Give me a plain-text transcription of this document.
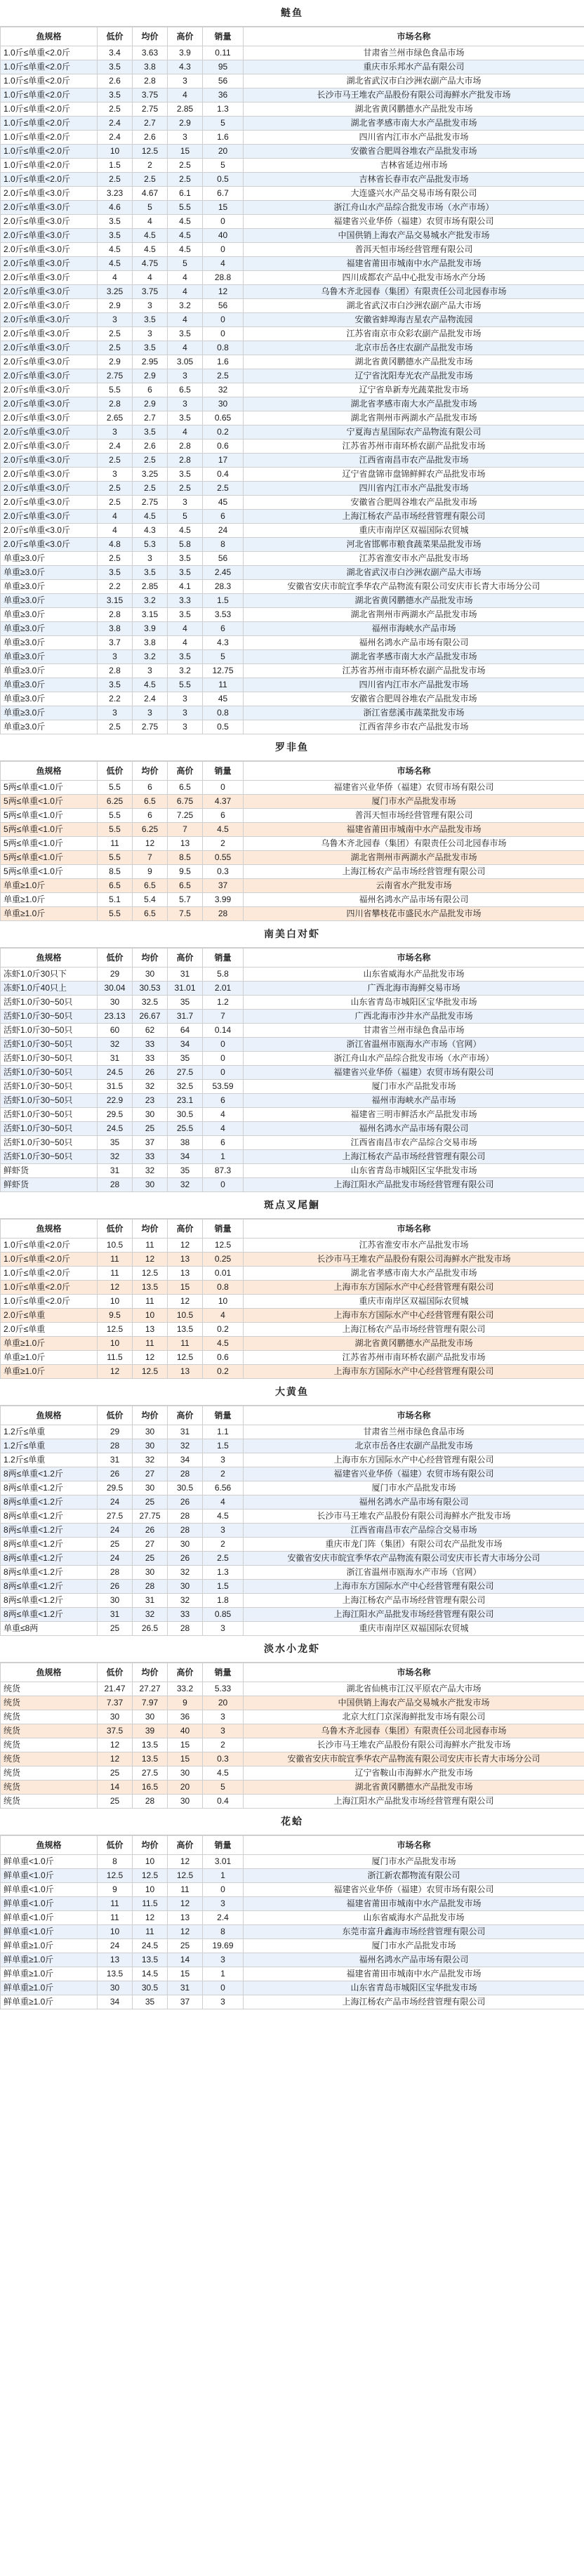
鲢鱼
鱼规格	低价	均价	高价	销量	市场名称
1.0斤≤单重<2.0斤	3.4	3.63	3.9	0.11	甘肃省兰州市绿色食品市场
1.0斤≤单重<2.0斤	3.5	3.8	4.3	95	重庆市乐邦水产品有限公司
1.0斤≤单重<2.0斤	2.6	2.8	3	56	湖北省武汉市白沙洲农副产品大市场
1.0斤≤单重<2.0斤	3.5	3.75	4	36	长沙市马王堆农产品股份有限公司海鲜水产批发市场
1.0斤≤单重<2.0斤	2.5	2.75	2.85	1.3	湖北省黄冈鹏德水产品批发市场
1.0斤≤单重<2.0斤	2.4	2.7	2.9	5	湖北省孝感市南大水产品批发市场
1.0斤≤单重<2.0斤	2.4	2.6	3	1.6	四川省内江市水产品批发市场
1.0斤≤单重<2.0斤	10	12.5	15	20	安徽省合肥周谷堆农产品批发市场
1.0斤≤单重<2.0斤	1.5	2	2.5	5	吉林省延边州市场
1.0斤≤单重<2.0斤	2.5	2.5	2.5	0.5	吉林省长春市农产品批发市场
2.0斤≤单重<3.0斤	3.23	4.67	6.1	6.7	大连盛兴水产品交易市场有限公司
2.0斤≤单重<3.0斤	4.6	5	5.5	15	浙江舟山水产品综合批发市场（水产市场）
2.0斤≤单重<3.0斤	3.5	4	4.5	0	福建省兴业华侨（福建）农贸市场有限公司
2.0斤≤单重<3.0斤	3.5	4.5	4.5	40	中国供销上海农产品交易城水产批发市场
2.0斤≤单重<3.0斤	4.5	4.5	4.5	0	普洱天恒市场经营管理有限公司
2.0斤≤单重<3.0斤	4.5	4.75	5	4	福建省莆田市城南中水产品批发市场
2.0斤≤单重<3.0斤	4	4	4	28.8	四川成都农产品中心批发市场水产分场
2.0斤≤单重<3.0斤	3.25	3.75	4	12	乌鲁木齐北园春（集团）有限责任公司北园春市场
2.0斤≤单重<3.0斤	2.9	3	3.2	56	湖北省武汉市白沙洲农副产品大市场
2.0斤≤单重<3.0斤	3	3.5	4	0	安徽省蚌埠海吉星农产品物流园
2.0斤≤单重<3.0斤	2.5	3	3.5	0	江苏省南京市众彩农副产品批发市场
2.0斤≤单重<3.0斤	2.5	3.5	4	0.8	北京市岳各庄农副产品批发市场
2.0斤≤单重<3.0斤	2.9	2.95	3.05	1.6	湖北省黄冈鹏德水产品批发市场
2.0斤≤单重<3.0斤	2.75	2.9	3	2.5	辽宁省沈阳寿光农产品批发市场
2.0斤≤单重<3.0斤	5.5	6	6.5	32	辽宁省阜新寿光蔬菜批发市场
2.0斤≤单重<3.0斤	2.8	2.9	3	30	湖北省孝感市南大水产品批发市场
2.0斤≤单重<3.0斤	2.65	2.7	3.5	0.65	湖北省荆州市两湖水产品批发市场
2.0斤≤单重<3.0斤	3	3.5	4	0.2	宁夏海吉星国际农产品物流有限公司
2.0斤≤单重<3.0斤	2.4	2.6	2.8	0.6	江苏省苏州市南环桥农副产品批发市场
2.0斤≤单重<3.0斤	2.5	2.5	2.8	17	江西省南昌市农产品批发市场
2.0斤≤单重<3.0斤	3	3.25	3.5	0.4	辽宁省盘锦市盘锦鲜鲜农产品批发市场
2.0斤≤单重<3.0斤	2.5	2.5	2.5	2.5	四川省内江市水产品批发市场
2.0斤≤单重<3.0斤	2.5	2.75	3	45	安徽省合肥周谷堆农产品批发市场
2.0斤≤单重<3.0斤	4	4.5	5	6	上海江杨农产品市场经营管理有限公司
2.0斤≤单重<3.0斤	4	4.3	4.5	24	重庆市南岸区双福国际农贸城
2.0斤≤单重<3.0斤	4.8	5.3	5.8	8	河北省邯郸市粮食蔬菜果品批发市场
单重≥3.0斤	2.5	3	3.5	56	江苏省淮安市水产品批发市场
单重≥3.0斤	3.5	3.5	3.5	2.45	湖北省武汉市白沙洲农副产品大市场
单重≥3.0斤	2.2	2.85	4.1	28.3	安徽省安庆市皖宜季华农产品物流有限公司安庆市长青大市场分公司
单重≥3.0斤	3.15	3.2	3.3	1.5	湖北省黄冈鹏德水产品批发市场
单重≥3.0斤	2.8	3.15	3.5	3.53	湖北省荆州市两湖水产品批发市场
单重≥3.0斤	3.8	3.9	4	6	福州市海峡水产品市场
单重≥3.0斤	3.7	3.8	4	4.3	福州名鸿水产品市场有限公司
单重≥3.0斤	3	3.2	3.5	5	湖北省孝感市南大水产品批发市场
单重≥3.0斤	2.8	3	3.2	12.75	江苏省苏州市南环桥农副产品批发市场
单重≥3.0斤	3.5	4.5	5.5	11	四川省内江市水产品批发市场
单重≥3.0斤	2.2	2.4	3	45	安徽省合肥周谷堆农产品批发市场
单重≥3.0斤	3	3	3	0.8	浙江省慈溪市蔬菜批发市场
单重≥3.0斤	2.5	2.75	3	0.5	江西省萍乡市农产品批发市场
罗非鱼
鱼规格	低价	均价	高价	销量	市场名称
5两≤单重<1.0斤	5.5	6	6.5	0	福建省兴业华侨（福建）农贸市场有限公司
5两≤单重<1.0斤	6.25	6.5	6.75	4.37	厦门市水产品批发市场
5两≤单重<1.0斤	5.5	6	7.25	6	普洱天恒市场经营管理有限公司
5两≤单重<1.0斤	5.5	6.25	7	4.5	福建省莆田市城南中水产品批发市场
5两≤单重<1.0斤	11	12	13	2	乌鲁木齐北园春（集团）有限责任公司北园春市场
5两≤单重<1.0斤	5.5	7	8.5	0.55	湖北省荆州市两湖水产品批发市场
5两≤单重<1.0斤	8.5	9	9.5	0.3	上海江杨农产品市场经营管理有限公司
单重≥1.0斤	6.5	6.5	6.5	37	云南省水产批发市场
单重≥1.0斤	5.1	5.4	5.7	3.99	福州名鸿水产品市场有限公司
单重≥1.0斤	5.5	6.5	7.5	28	四川省攀枝花市盛民水产品批发市场
南美白对虾
鱼规格	低价	均价	高价	销量	市场名称
冻虾1.0斤30只下	29	30	31	5.8	山东省威海水产品批发市场
冻虾1.0斤40只上	30.04	30.53	31.01	2.01	广西北海市海鲜交易市场
活虾1.0斤30~50只	30	32.5	35	1.2	山东省青岛市城阳区宝华批发市场
活虾1.0斤30~50只	23.13	26.67	31.7	7	广西北海市沙井水产品批发市场
活虾1.0斤30~50只	60	62	64	0.14	甘肃省兰州市绿色食品市场
活虾1.0斤30~50只	32	33	34	0	浙江省温州市瓯海水产市场（官网）
活虾1.0斤30~50只	31	33	35	0	浙江舟山水产品综合批发市场（水产市场）
活虾1.0斤30~50只	24.5	26	27.5	0	福建省兴业华侨（福建）农贸市场有限公司
活虾1.0斤30~50只	31.5	32	32.5	53.59	厦门市水产品批发市场
活虾1.0斤30~50只	22.9	23	23.1	6	福州市海峡水产品市场
活虾1.0斤30~50只	29.5	30	30.5	4	福建省三明市鲜活水产品批发市场
活虾1.0斤30~50只	24.5	25	25.5	4	福州名鸿水产品市场有限公司
活虾1.0斤30~50只	35	37	38	6	江西省南昌市农产品综合交易市场
活虾1.0斤30~50只	32	33	34	1	上海江杨农产品市场经营管理有限公司
鲜虾货	31	32	35	87.3	山东省青岛市城阳区宝华批发市场
鲜虾货	28	30	32	0	上海江阳水产品批发市场经营管理有限公司
斑点叉尾鮰
鱼规格	低价	均价	高价	销量	市场名称
1.0斤≤单重<2.0斤	10.5	11	12	12.5	江苏省淮安市水产品批发市场
1.0斤≤单重<2.0斤	11	12	13	0.25	长沙市马王堆农产品股份有限公司海鲜水产批发市场
1.0斤≤单重<2.0斤	11	12.5	13	0.01	湖北省孝感市南大水产品批发市场
1.0斤≤单重<2.0斤	12	13.5	15	0.8	上海市东方国际水产中心经营管理有限公司
1.0斤≤单重<2.0斤	10	11	12	10	重庆市南岸区双福国际农贸城
2.0斤≤单重	9.5	10	10.5	4	上海市东方国际水产中心经营管理有限公司
2.0斤≤单重	12.5	13	13.5	0.2	上海江杨农产品市场经营管理有限公司
单重≥1.0斤	10	11	11	4.5	湖北省黄冈鹏德水产品批发市场
单重≥1.0斤	11.5	12	12.5	0.6	江苏省苏州市南环桥农副产品批发市场
单重≥1.0斤	12	12.5	13	0.2	上海市东方国际水产中心经营管理有限公司
大黄鱼
鱼规格	低价	均价	高价	销量	市场名称
1.2斤≤单重	29	30	31	1.1	甘肃省兰州市绿色食品市场
1.2斤≤单重	28	30	32	1.5	北京市岳各庄农副产品批发市场
1.2斤≤单重	31	32	34	3	上海市东方国际水产中心经营管理有限公司
8两≤单重<1.2斤	26	27	28	2	福建省兴业华侨（福建）农贸市场有限公司
8两≤单重<1.2斤	29.5	30	30.5	6.56	厦门市水产品批发市场
8两≤单重<1.2斤	24	25	26	4	福州名鸿水产品市场有限公司
8两≤单重<1.2斤	27.5	27.75	28	4.5	长沙市马王堆农产品股份有限公司海鲜水产批发市场
8两≤单重<1.2斤	24	26	28	3	江西省南昌市农产品综合交易市场
8两≤单重<1.2斤	25	27	30	2	重庆市龙门阵（集团）有限公司农产品批发市场
8两≤单重<1.2斤	24	25	26	2.5	安徽省安庆市皖宜季华农产品物流有限公司安庆市长青大市场分公司
8两≤单重<1.2斤	28	30	32	1.3	浙江省温州市瓯海水产市场（官网）
8两≤单重<1.2斤	26	28	30	1.5	上海市东方国际水产中心经营管理有限公司
8两≤单重<1.2斤	30	31	32	1.8	上海江杨农产品市场经营管理有限公司
8两≤单重<1.2斤	31	32	33	0.85	上海江阳水产品批发市场经营管理有限公司
单重≤8两	25	26.5	28	3	重庆市南岸区双福国际农贸城
淡水小龙虾
鱼规格	低价	均价	高价	销量	市场名称
统货	21.47	27.27	33.2	5.33	湖北省仙桃市江汉平原农产品大市场
统货	7.37	7.97	9	20	中国供销上海农产品交易城水产批发市场
统货	30	30	36	3	北京大红门京深海鲜批发市场有限公司
统货	37.5	39	40	3	乌鲁木齐北园春（集团）有限责任公司北园春市场
统货	12	13.5	15	2	长沙市马王堆农产品股份有限公司海鲜水产批发市场
统货	12	13.5	15	0.3	安徽省安庆市皖宜季华农产品物流有限公司安庆市长青大市场分公司
统货	25	27.5	30	4.5	辽宁省鞍山市海鲜水产批发市场
统货	14	16.5	20	5	湖北省黄冈鹏德水产品批发市场
统货	25	28	30	0.4	上海江阳水产品批发市场经营管理有限公司
花蛤
鱼规格	低价	均价	高价	销量	市场名称
鲜单重<1.0斤	8	10	12	3.01	厦门市水产品批发市场
鲜单重<1.0斤	12.5	12.5	12.5	1	浙江新农都物流有限公司
鲜单重<1.0斤	9	10	11	0	福建省兴业华侨（福建）农贸市场有限公司
鲜单重<1.0斤	11	11.5	12	3	福建省莆田市城南中水产品批发市场
鲜单重<1.0斤	11	12	13	2.4	山东省威海水产品批发市场
鲜单重<1.0斤	10	11	12	8	东莞市富升鑫海市场经营管理有限公司
鲜单重≥1.0斤	24	24.5	25	19.69	厦门市水产品批发市场
鲜单重≥1.0斤	13	13.5	14	3	福州名鸿水产品市场有限公司
鲜单重≥1.0斤	13.5	14.5	15	1	福建省莆田市城南中水产品批发市场
鲜单重≥1.0斤	30	30.5	31	0	山东省青岛市城阳区宝华批发市场
鲜单重≥1.0斤	34	35	37	3	上海江杨农产品市场经营管理有限公司
